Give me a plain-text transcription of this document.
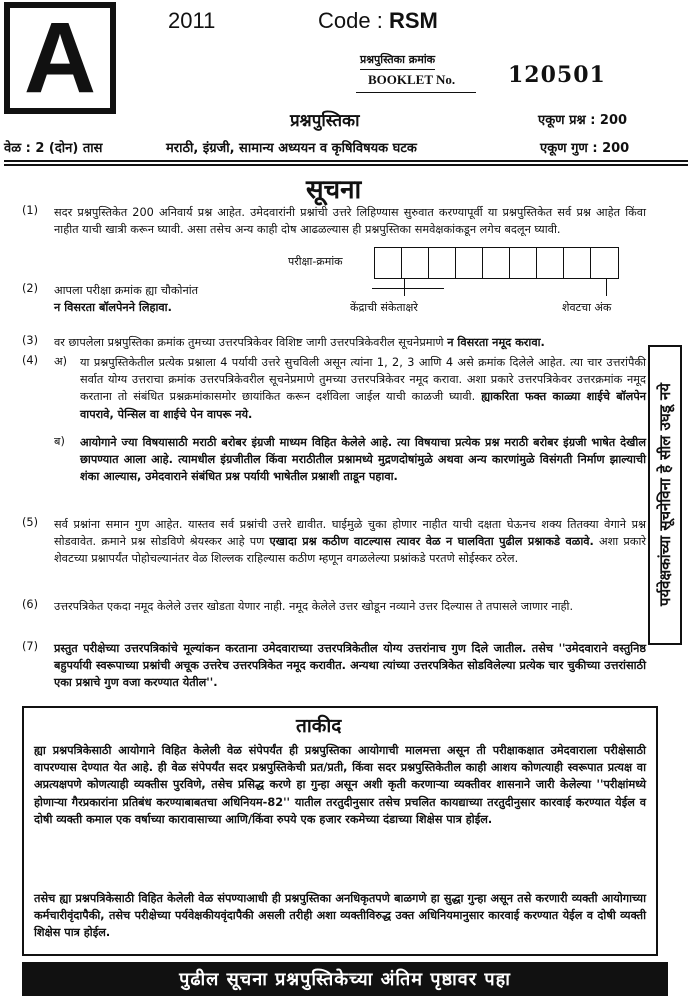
A	2011	Code : RSM
प्रश्नपुस्तिका क्रमांक
BOOKLET No. 120501
प्रश्नपुस्तिका	एकूण प्रश्न : 200
वेळ : 2 (दोन) तास	मराठी, इंग्रजी, सामान्य अध्ययन व कृषिविषयक घटक	एकूण गुण : 200
सूचना
(1) सदर प्रश्नपुस्तिकेत 200 अनिवार्य प्रश्न आहेत. उमेदवारांनी प्रश्नांची उत्तरे लिहिण्यास सुरुवात करण्यापूर्वी या प्रश्नपुस्तिकेत सर्व प्रश्न आहेत किंवा नाहीत याची खात्री करून घ्यावी. असा तसेच अन्य काही दोष आढळल्यास ही प्रश्नपुस्तिका समवेक्षकांकडून लगेच बदलून घ्यावी.
(2) आपला परीक्षा क्रमांक ह्या चौकोनांत
न विसरता बॉलपेनने लिहावा.
परीक्षा-क्रमांक
केंद्राची संकेताक्षरे	शेवटचा अंक
(3) वर छापलेला प्रश्नपुस्तिका क्रमांक तुमच्या उत्तरपत्रिकेवर विशिष्ट जागी उत्तरपत्रिकेवरील सूचनेप्रमाणे न विसरता नमूद करावा.
(4) अ) या प्रश्नपुस्तिकेतील प्रत्येक प्रश्नाला 4 पर्यायी उत्तरे सुचविली असून त्यांना 1, 2, 3 आणि 4 असे क्रमांक दिलेले आहेत. त्या चार उत्तरांपैकी सर्वात योग्य उत्तराचा क्रमांक उत्तरपत्रिकेवरील सूचनेप्रमाणे तुमच्या उत्तरपत्रिकेवर नमूद करावा. अशा प्रकारे उत्तरपत्रिकेवर उत्तरक्रमांक नमूद करताना तो संबंधित प्रश्नक्रमांकासमोर छायांकित करून दर्शविला जाईल याची काळजी घ्यावी. ह्याकरिता फक्त काळ्या शाईचे बॉलपेन वापरावे, पेन्सिल वा शाईचे पेन वापरू नये.
ब) आयोगाने ज्या विषयासाठी मराठी बरोबर इंग्रजी माध्यम विहित केलेले आहे. त्या विषयाचा प्रत्येक प्रश्न मराठी बरोबर इंग्रजी भाषेत देखील छापण्यात आला आहे. त्यामधील इंग्रजीतील किंवा मराठीतील प्रश्नामध्ये मुद्रणदोषांमुळे अथवा अन्य कारणांमुळे विसंगती निर्माण झाल्याची शंका आल्यास, उमेदवाराने संबंधित प्रश्न पर्यायी भाषेतील प्रश्नाशी ताडून पहावा.
(5) सर्व प्रश्नांना समान गुण आहेत. यास्तव सर्व प्रश्नांची उत्तरे द्यावीत. घाईमुळे चुका होणार नाहीत याची दक्षता घेऊनच शक्य तितक्या वेगाने प्रश्न सोडवावेत. क्रमाने प्रश्न सोडविणे श्रेयस्कर आहे पण एखादा प्रश्न कठीण वाटल्यास त्यावर वेळ न घालविता पुढील प्रश्नाकडे वळावे. अशा प्रकारे शेवटच्या प्रश्नापर्यंत पोहोचल्यानंतर वेळ शिल्लक राहिल्यास कठीण म्हणून वगळलेल्या प्रश्नांकडे परतणे सोईस्कर ठरेल.
(6) उत्तरपत्रिकेत एकदा नमूद केलेले उत्तर खोडता येणार नाही. नमूद केलेले उत्तर खोडून नव्याने उत्तर दिल्यास ते तपासले जाणार नाही.
(7) प्रस्तुत परीक्षेच्या उत्तरपत्रिकांचे मूल्यांकन करताना उमेदवाराच्या उत्तरपत्रिकेतील योग्य उत्तरांनाच गुण दिले जातील. तसेच ''उमेदवाराने वस्तुनिष्ठ बहुपर्यायी स्वरूपाच्या प्रश्नांची अचूक उत्तरेच उत्तरपत्रिकेत नमूद करावीत. अन्यथा त्यांच्या उत्तरपत्रिकेत सोडविलेल्या प्रत्येक चार चुकीच्या उत्तरांसाठी एका प्रश्नाचे गुण वजा करण्यात येतील''.
पर्यवेक्षकांच्या सूचनेविना हे सील उघडू नये
ताकीद
ह्या प्रश्नपत्रिकेसाठी आयोगाने विहित केलेली वेळ संपेपर्यंत ही प्रश्नपुस्तिका आयोगाची मालमत्ता असून ती परीक्षाकक्षात उमेदवाराला परीक्षेसाठी वापरण्यास देण्यात येत आहे. ही वेळ संपेपर्यंत सदर प्रश्नपुस्तिकेची प्रत/प्रती, किंवा सदर प्रश्नपुस्तिकेतील काही आशय कोणत्याही स्वरूपात प्रत्यक्ष वा अप्रत्यक्षपणे कोणत्याही व्यक्तीस पुरविणे, तसेच प्रसिद्ध करणे हा गुन्हा असून अशी कृती करणाऱ्या व्यक्तीवर शासनाने जारी केलेल्या ''परीक्षांमध्ये होणाऱ्या गैरप्रकारांना प्रतिबंध करण्याबाबतचा अधिनियम-82'' यातील तरतुदीनुसार तसेच प्रचलित कायद्याच्या तरतुदीनुसार कारवाई करण्यात येईल व दोषी व्यक्ती कमाल एक वर्षाच्या कारावासाच्या आणि/किंवा रुपये एक हजार रकमेच्या दंडाच्या शिक्षेस पात्र होईल.
तसेच ह्या प्रश्नपत्रिकेसाठी विहित केलेली वेळ संपण्याआधी ही प्रश्नपुस्तिका अनधिकृतपणे बाळगणे हा सुद्धा गुन्हा असून तसे करणारी व्यक्ती आयोगाच्या कर्मचारीवृंदापैकी, तसेच परीक्षेच्या पर्यवेक्षकीयवृंदापैकी असली तरीही अशा व्यक्तीविरुद्ध उक्त अधिनियमानुसार कारवाई करण्यात येईल व दोषी व्यक्ती शिक्षेस पात्र होईल.
पुढील सूचना प्रश्नपुस्तिकेच्या अंतिम पृष्ठावर पहा
